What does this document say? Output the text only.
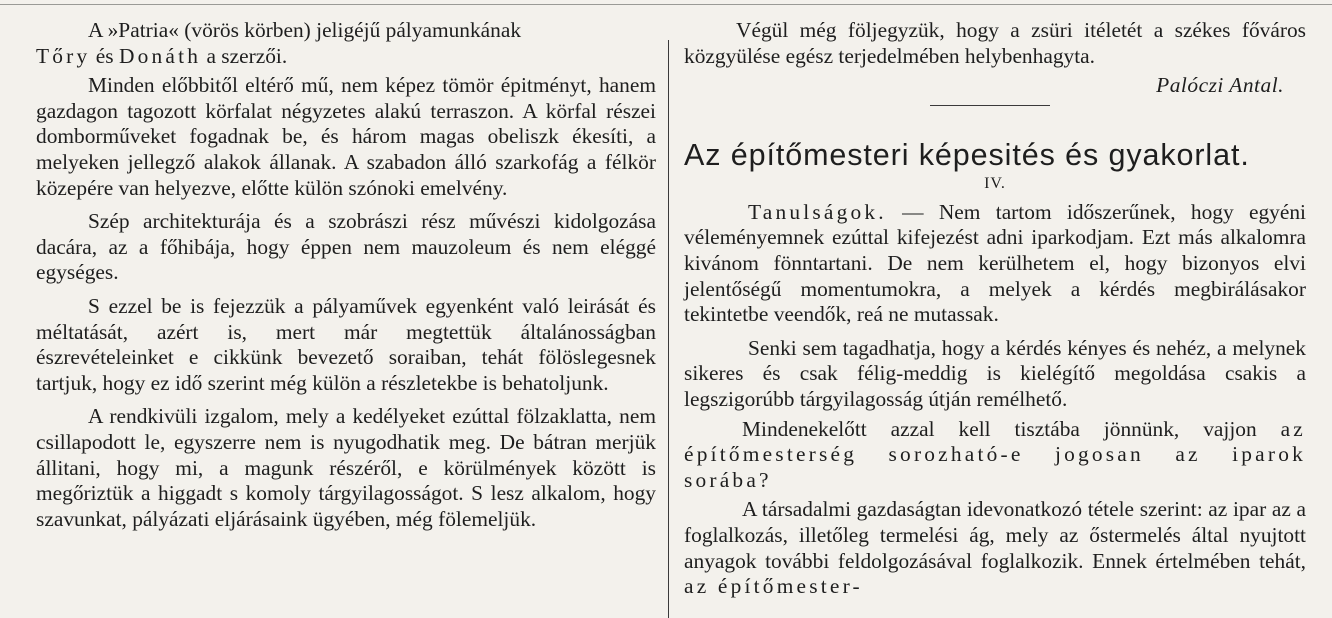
A »Patria« (vörös körben) jeligéjű pályamunkának
Tőry és Donáth a szerzői.

Minden előbbitől eltérő mű, nem képez tömör épitményt, hanem gazdagon tagozott körfalat négyzetes alakú terraszon. A körfal részei domborműveket fogadnak be, és három magas obeliszk ékesíti, a melyeken jellegző alakok állanak. A szabadon álló szarkofág a félkör közepére van helyezve, előtte külön szónoki emelvény.

Szép architekturája és a szobrászi rész művészi kidolgozása dacára, az a főhibája, hogy éppen nem mauzoleum és nem eléggé egységes.

S ezzel be is fejezzük a pályaművek egyenként való leirását és méltatását, azért is, mert már megtettük általánosságban észrevételeinket e cikkünk bevezető soraiban, tehát fölöslegesnek tartjuk, hogy ez idő szerint még külön a részletekbe is behatoljunk.

A rendkivüli izgalom, mely a kedélyeket ezúttal fölzaklatta, nem csillapodott le, egyszerre nem is nyugodhatik meg. De bátran merjük állitani, hogy mi, a magunk részéről, e körülmények között is megőriztük a higgadt s komoly tárgyilagosságot. S lesz alkalom, hogy szavunkat, pályázati eljárásaink ügyében, még fölemeljük.

Végül még följegyzük, hogy a zsüri itéletét a székes főváros közgyülése egész terjedelmében helybenhagyta.

Palóczi Antal.

Az építőmesteri képesités és gyakorlat.

IV.

Tanulságok. — Nem tartom időszerűnek, hogy egyéni véleményemnek ezúttal kifejezést adni iparkodjam. Ezt más alkalomra kivánom fönntartani. De nem kerülhetem el, hogy bizonyos elvi jelentőségű momentumokra, a melyek a kérdés megbirálásakor tekintetbe veendők, reá ne mutassak.

Senki sem tagadhatja, hogy a kérdés kényes és nehéz, a melynek sikeres és csak félig-meddig is kielégítő megoldása csakis a legszigorúbb tárgyilagosság útján remélhető.

Mindenekelőtt azzal kell tisztába jönnünk, vajjon az építőmesterség sorozható-e jogosan az iparok sorába?

A társadalmi gazdaságtan idevonatkozó tétele szerint: az ipar az a foglalkozás, illetőleg termelési ág, mely az őstermelés által nyujtott anyagok további feldolgozásával foglalkozik. Ennek értelmében tehát, az építőmester-
